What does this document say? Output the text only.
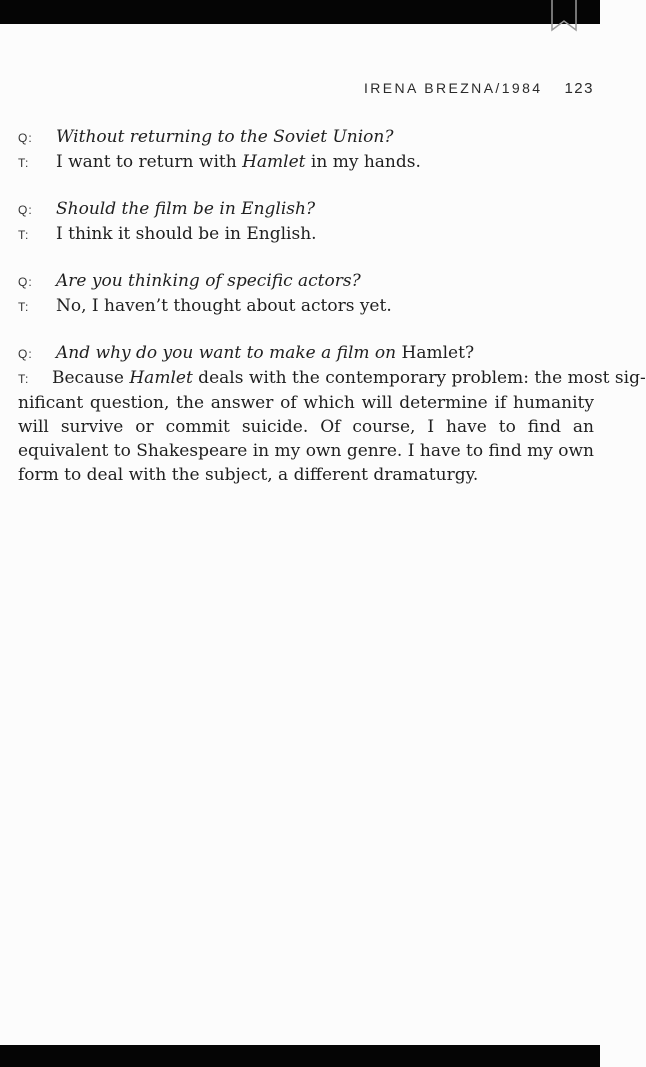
IRENA BREZNA/1984 123
Q: Without returning to the Soviet Union?
T: I want to return with Hamlet in my hands.
Q: Should the film be in English?
T: I think it should be in English.
Q: Are you thinking of specific actors?
T: No, I haven’t thought about actors yet.
Q: And why do you want to make a film on Hamlet?
T: Because Hamlet deals with the contemporary problem: the most sig-
nificant question, the answer of which will determine if humanity will survive or commit suicide. Of course, I have to find an equivalent to Shakespeare in my own genre. I have to find my own form to deal with the subject, a different dramaturgy.
